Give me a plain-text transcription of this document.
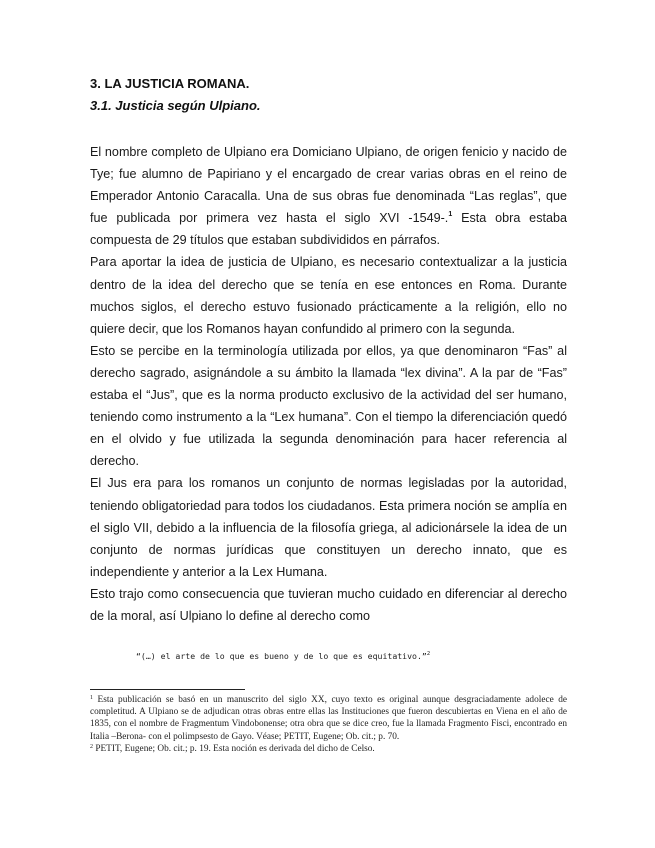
3. LA JUSTICIA ROMANA.
3.1. Justicia según Ulpiano.

El nombre completo de Ulpiano era Domiciano Ulpiano, de origen fenicio y nacido de Tye; fue alumno de Papiriano y el encargado de crear varias obras en el reino de Emperador Antonio Caracalla. Una de sus obras fue denominada “Las reglas”, que fue publicada por primera vez hasta el siglo XVI -1549-.$^1$ Esta obra estaba compuesta de 29 títulos que estaban subdivididos en párrafos.

Para aportar la idea de justicia de Ulpiano, es necesario contextualizar a la justicia dentro de la idea del derecho que se tenía en ese entonces en Roma. Durante muchos siglos, el derecho estuvo fusionado prácticamente a la religión, ello no quiere decir, que los Romanos hayan confundido al primero con la segunda.

Esto se percibe en la terminología utilizada por ellos, ya que denominaron “Fas” al derecho sagrado, asignándole a su ámbito la llamada “lex divina”. A la par de “Fas” estaba el “Jus”, que es la norma producto exclusivo de la actividad del ser humano, teniendo como instrumento a la “Lex humana”. Con el tiempo la diferenciación quedó en el olvido y fue utilizada la segunda denominación para hacer referencia al derecho.

El Jus era para los romanos un conjunto de normas legisladas por la autoridad, teniendo obligatoriedad para todos los ciudadanos. Esta primera noción se amplía en el siglo VII, debido a la influencia de la filosofía griega, al adicionársele la idea de un conjunto de normas jurídicas que constituyen un derecho innato, que es independiente y anterior a la Lex Humana.

Esto trajo como consecuencia que tuvieran mucho cuidado en diferenciar al derecho de la moral, así Ulpiano lo define al derecho como

“(…) el arte de lo que es bueno y de lo que es equitativo.”$^2$

$^1$ Esta publicación se basó en un manuscrito del siglo XX, cuyo texto es original aunque desgraciadamente adolece de completitud. A Ulpiano se de adjudican otras obras entre ellas las Instituciones que fueron descubiertas en Viena en el año de 1835, con el nombre de Fragmentum Vindobonense; otra obra que se dice creo, fue la llamada Fragmento Fisci, encontrado en Italia –Berona- con el polimpsesto de Gayo. Véase; PETIT, Eugene; Ob. cit.; p. 70.

$^2$ PETIT, Eugene; Ob. cit.; p. 19. Esta noción es derivada del dicho de Celso.
